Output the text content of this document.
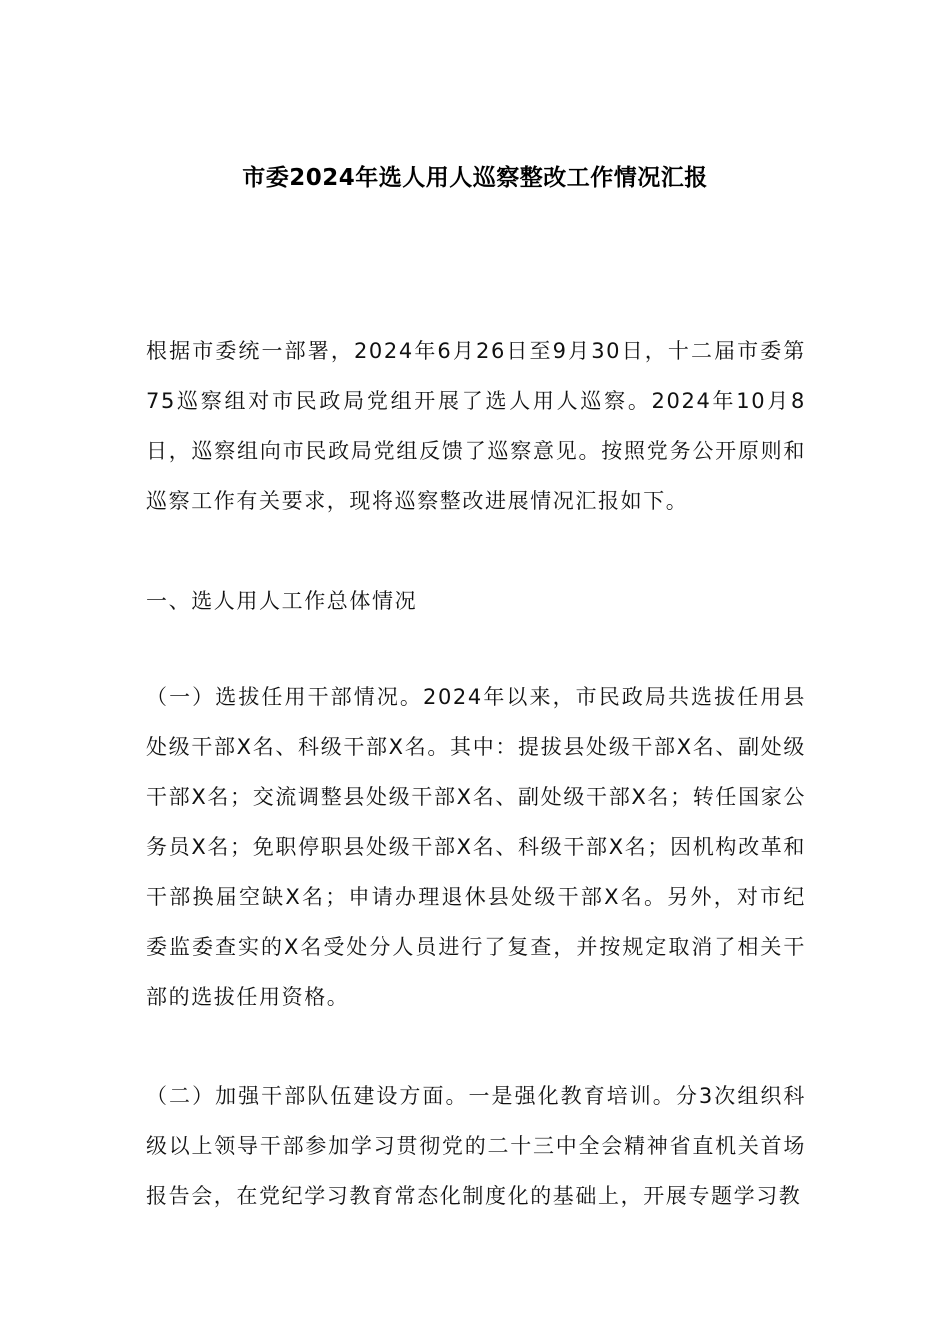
市委2024年选人用人巡察整改工作情况汇报

根据市委统一部署，2024年6月26日至9月30日，十二届市委第75巡察组对市民政局党组开展了选人用人巡察。2024年10月8日，巡察组向市民政局党组反馈了巡察意见。按照党务公开原则和巡察工作有关要求，现将巡察整改进展情况汇报如下。

一、选人用人工作总体情况

（一）选拔任用干部情况。2024年以来，市民政局共选拔任用县处级干部X名、科级干部X名。其中：提拔县处级干部X名、副处级干部X名；交流调整县处级干部X名、副处级干部X名；转任国家公务员X名；免职停职县处级干部X名、科级干部X名；因机构改革和干部换届空缺X名；申请办理退休县处级干部X名。另外，对市纪委监委查实的X名受处分人员进行了复查，并按规定取消了相关干部的选拔任用资格。

（二）加强干部队伍建设方面。一是强化教育培训。分3次组织科级以上领导干部参加学习贯彻党的二十三中全会精神省直机关首场报告会，在党纪学习教育常态化制度化的基础上，开展专题学习教
